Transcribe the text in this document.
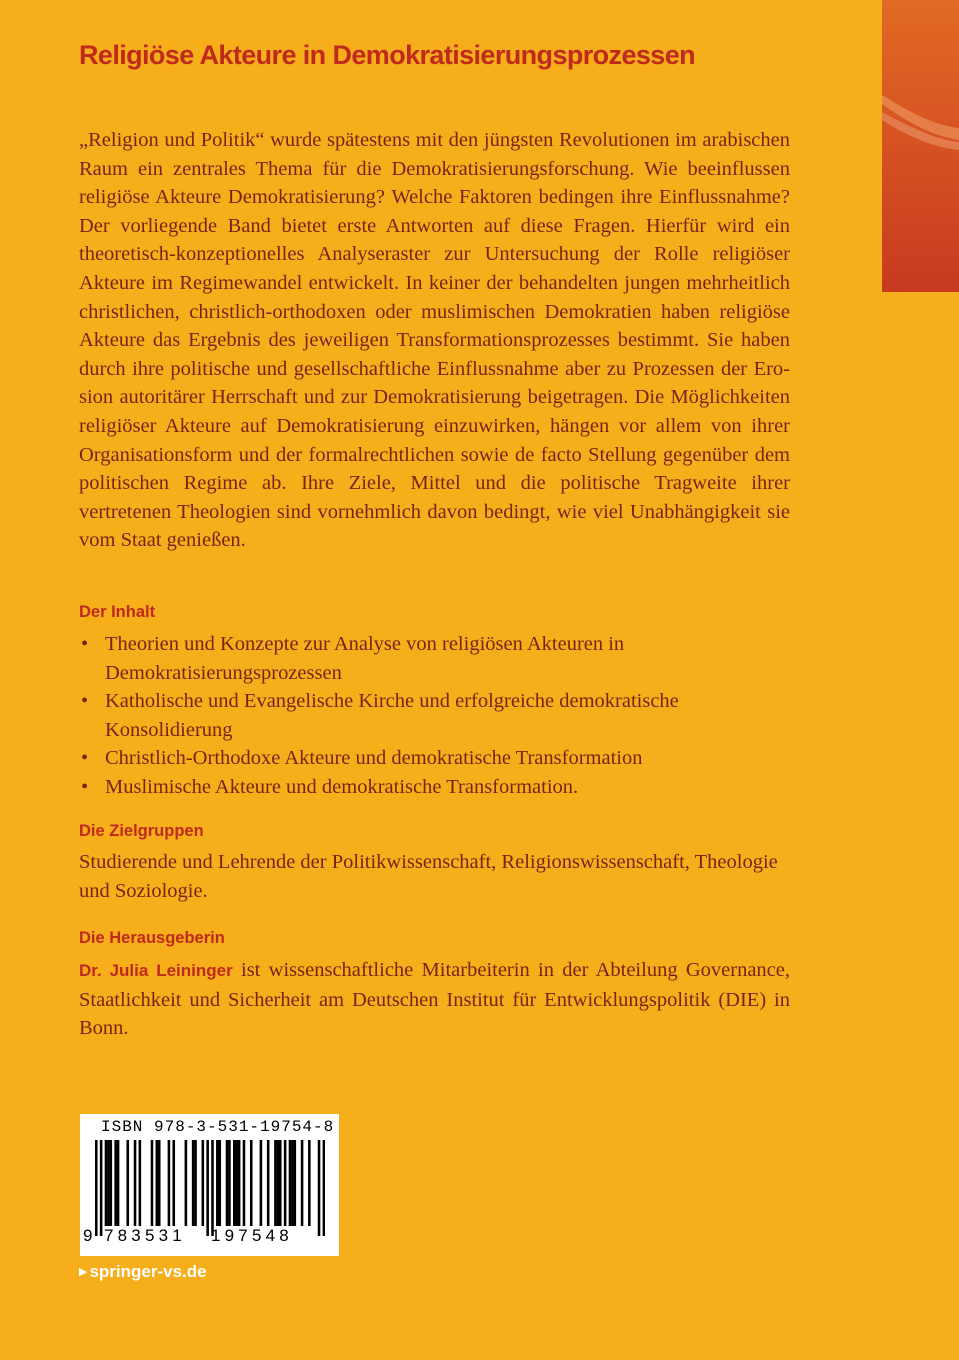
Religiöse Akteure in Demokratisierungsprozessen

„Religion und Politik“ wurde spätestens mit den jüngsten Revolutionen im arabischen Raum ein zentrales Thema für die Demokratisierungsforschung. Wie beeinflussen religiöse Akteure Demokratisierung? Welche Faktoren bedingen ihre Einflussnahme? Der vorliegende Band bietet erste Antworten auf diese Fragen. Hierfür wird ein theoretisch-konzeptionelles Analyseraster zur Untersuchung der Rolle religiöser Akteure im Regimewandel entwickelt. In keiner der behandelten jungen mehrheitlich christlichen, christlich-orthodoxen oder muslimischen Demokratien haben religiöse Akteure das Ergebnis des jeweiligen Transformationsprozesses bestimmt. Sie haben durch ihre politische und gesellschaftliche Einflussnahme aber zu Prozessen der Erosion autoritärer Herrschaft und zur Demokratisierung beigetragen. Die Möglichkeiten religiöser Akteure auf Demokratisierung einzuwirken, hängen vor allem von ihrer Organisationsform und der formalrechtlichen sowie de facto Stellung gegenüber dem politischen Regime ab. Ihre Ziele, Mittel und die politische Tragweite ihrer vertretenen Theologien sind vornehmlich davon bedingt, wie viel Unabhängigkeit sie vom Staat genießen.

Der Inhalt
• Theorien und Konzepte zur Analyse von religiösen Akteuren in Demokratisierungsprozessen
• Katholische und Evangelische Kirche und erfolgreiche demokratische Konsolidierung
• Christlich-Orthodoxe Akteure und demokratische Transformation
• Muslimische Akteure und demokratische Transformation.
Die Zielgruppen

Studierende und Lehrende der Politikwissenschaft, Religionswissenschaft, Theologie und Soziologie.

Die Herausgeberin

Dr. Julia Leininger ist wissenschaftliche Mitarbeiterin in der Abteilung Governance, Staatlichkeit und Sicherheit am Deutschen Institut für Entwicklungspolitik (DIE) in Bonn.

ISBN 978-3-531-19754-8
9 783531 197548
▶ springer-vs.de
